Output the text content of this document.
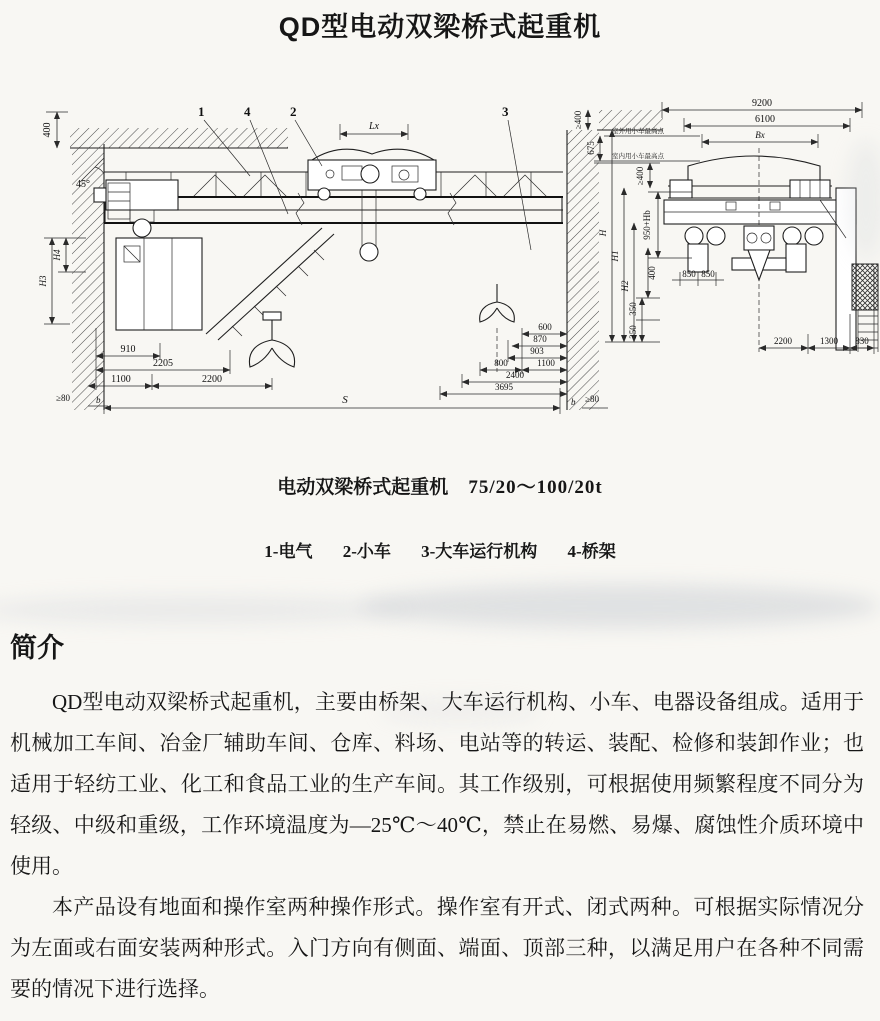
QD型电动双梁桥式起重机
45°
400
1	4	2	3
Lx
H4
H3
910
2205
1100	2200
≥80	b	S
600
870
903
800	1100
2400
3695
b ≥80
≥400
室外用小车最高点
室内用小车最高点
675
≥400
H
H1
H2
400
350
350
9200
6100
Bx
950+Hb
850 850
2200	1300 830
电动双梁桥式起重机 75/20～100/20t
1-电气 2-小车 3-大车运行机构 4-桥架
简介

QD型电动双梁桥式起重机，主要由桥架、大车运行机构、小车、电器设备组成。适用于机械加工车间、冶金厂辅助车间、仓库、料场、电站等的转运、装配、检修和装卸作业；也适用于轻纺工业、化工和食品工业的生产车间。其工作级别，可根据使用频繁程度不同分为轻级、中级和重级，工作环境温度为—25℃～40℃，禁止在易燃、易爆、腐蚀性介质环境中使用。

本产品设有地面和操作室两种操作形式。操作室有开式、闭式两种。可根据实际情况分为左面或右面安装两种形式。入门方向有侧面、端面、顶部三种，以满足用户在各种不同需要的情况下进行选择。
